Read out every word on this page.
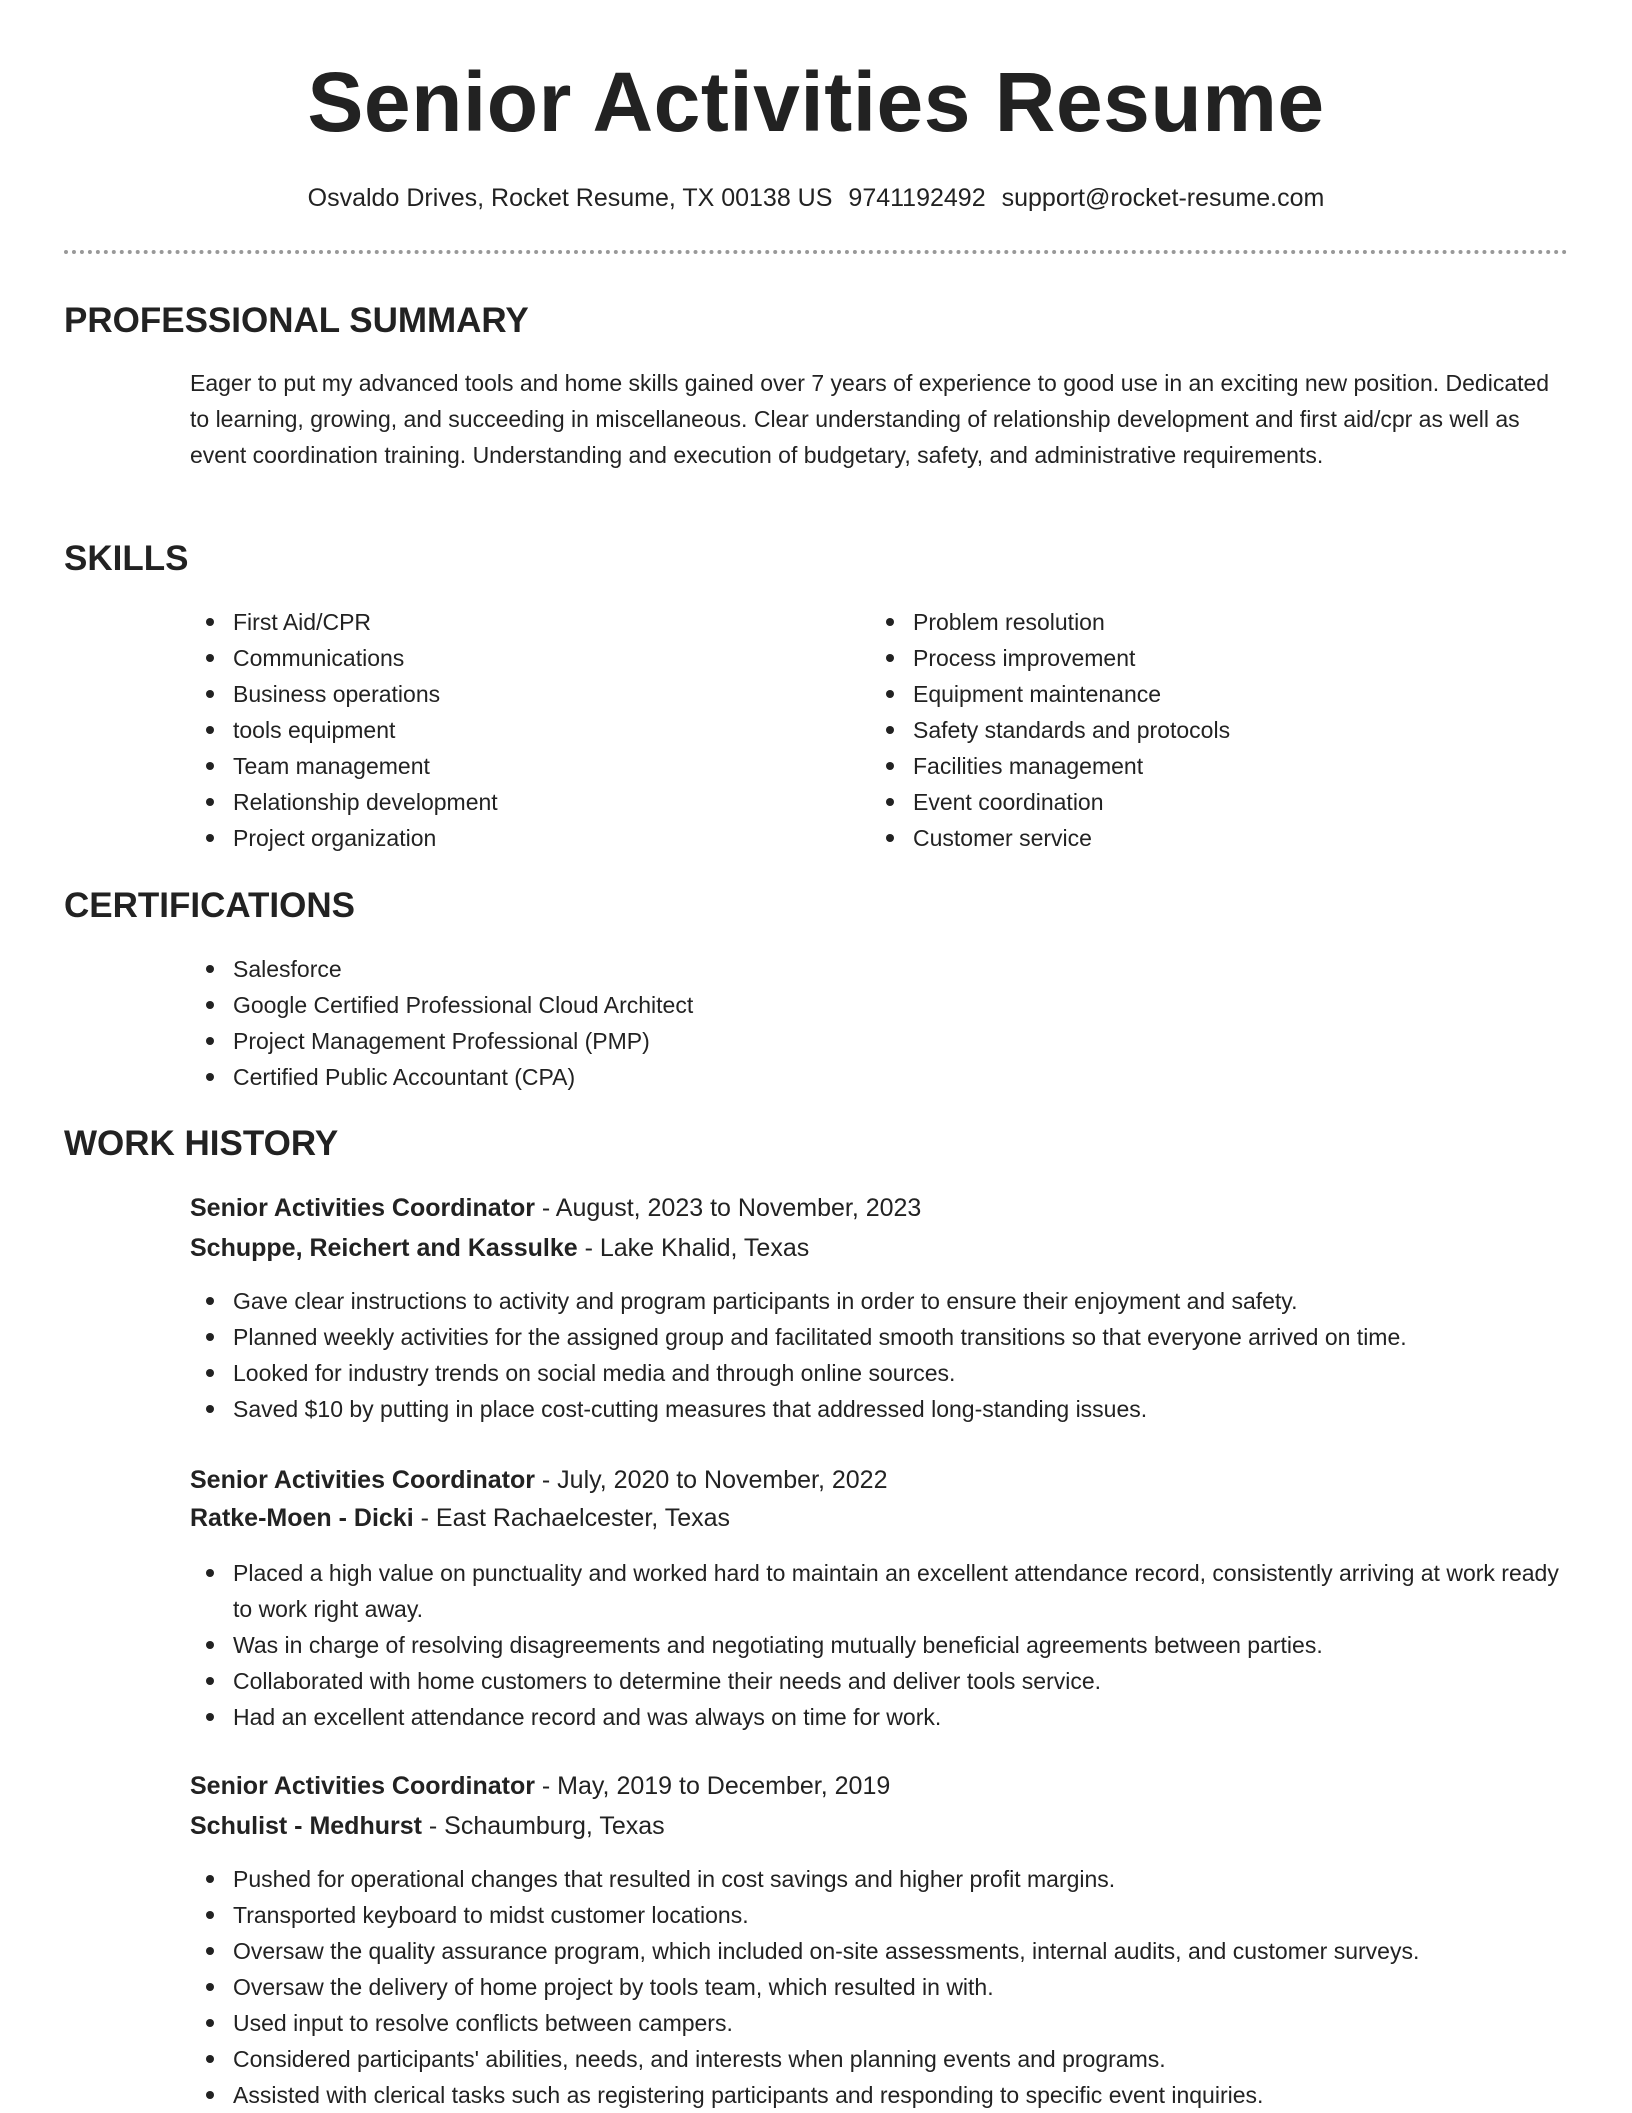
Senior Activities Resume
Osvaldo Drives, Rocket Resume, TX 00138 US 9741192492 support@rocket-resume.com
PROFESSIONAL SUMMARY

Eager to put my advanced tools and home skills gained over 7 years of experience to good use in an exciting new position. Dedicated to learning, growing, and succeeding in miscellaneous. Clear understanding of relationship development and first aid/cpr as well as event coordination training. Understanding and execution of budgetary, safety, and administrative requirements.

SKILLS
First Aid/CPR
Communications
Business operations
tools equipment
Team management
Relationship development
Project organization
Problem resolution
Process improvement
Equipment maintenance
Safety standards and protocols
Facilities management
Event coordination
Customer service
CERTIFICATIONS
Salesforce
Google Certified Professional Cloud Architect
Project Management Professional (PMP)
Certified Public Accountant (CPA)
WORK HISTORY
Senior Activities Coordinator - August, 2023 to November, 2023
Schuppe, Reichert and Kassulke - Lake Khalid, Texas
Gave clear instructions to activity and program participants in order to ensure their enjoyment and safety.
Planned weekly activities for the assigned group and facilitated smooth transitions so that everyone arrived on time.
Looked for industry trends on social media and through online sources.
Saved $10 by putting in place cost-cutting measures that addressed long-standing issues.
Senior Activities Coordinator - July, 2020 to November, 2022
Ratke-Moen - Dicki - East Rachaelcester, Texas
Placed a high value on punctuality and worked hard to maintain an excellent attendance record, consistently arriving at work ready to work right away.
Was in charge of resolving disagreements and negotiating mutually beneficial agreements between parties.
Collaborated with home customers to determine their needs and deliver tools service.
Had an excellent attendance record and was always on time for work.
Senior Activities Coordinator - May, 2019 to December, 2019
Schulist - Medhurst - Schaumburg, Texas
Pushed for operational changes that resulted in cost savings and higher profit margins.
Transported keyboard to midst customer locations.
Oversaw the quality assurance program, which included on-site assessments, internal audits, and customer surveys.
Oversaw the delivery of home project by tools team, which resulted in with.
Used input to resolve conflicts between campers.
Considered participants' abilities, needs, and interests when planning events and programs.
Assisted with clerical tasks such as registering participants and responding to specific event inquiries.
